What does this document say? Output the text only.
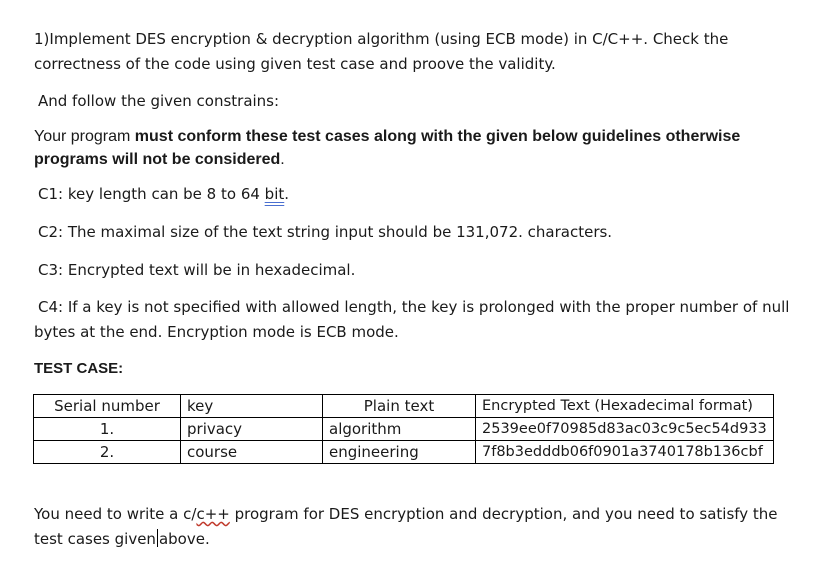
1)Implement DES encryption & decryption algorithm (using ECB mode) in C/C++. Check the
correctness of the code using given test case and proove the validity.
And follow the given constrains:
Your program must conform these test cases along with the given below guidelines otherwise
programs will not be considered.
C1: key length can be 8 to 64 bit.
C2: The maximal size of the text string input should be 131,072. characters.
C3: Encrypted text will be in hexadecimal.
C4: If a key is not specified with allowed length, the key is prolonged with the proper number of null
bytes at the end. Encryption mode is ECB mode.
TEST CASE:
Serial number	key	Plain text	Encrypted Text (Hexadecimal format)
1.	privacy	algorithm	2539ee0f70985d83ac03c9c5ec54d933
2.	course	engineering	7f8b3edddb06f0901a3740178b136cbf
You need to write a c/c++ program for DES encryption and decryption, and you need to satisfy the
test cases given above.
